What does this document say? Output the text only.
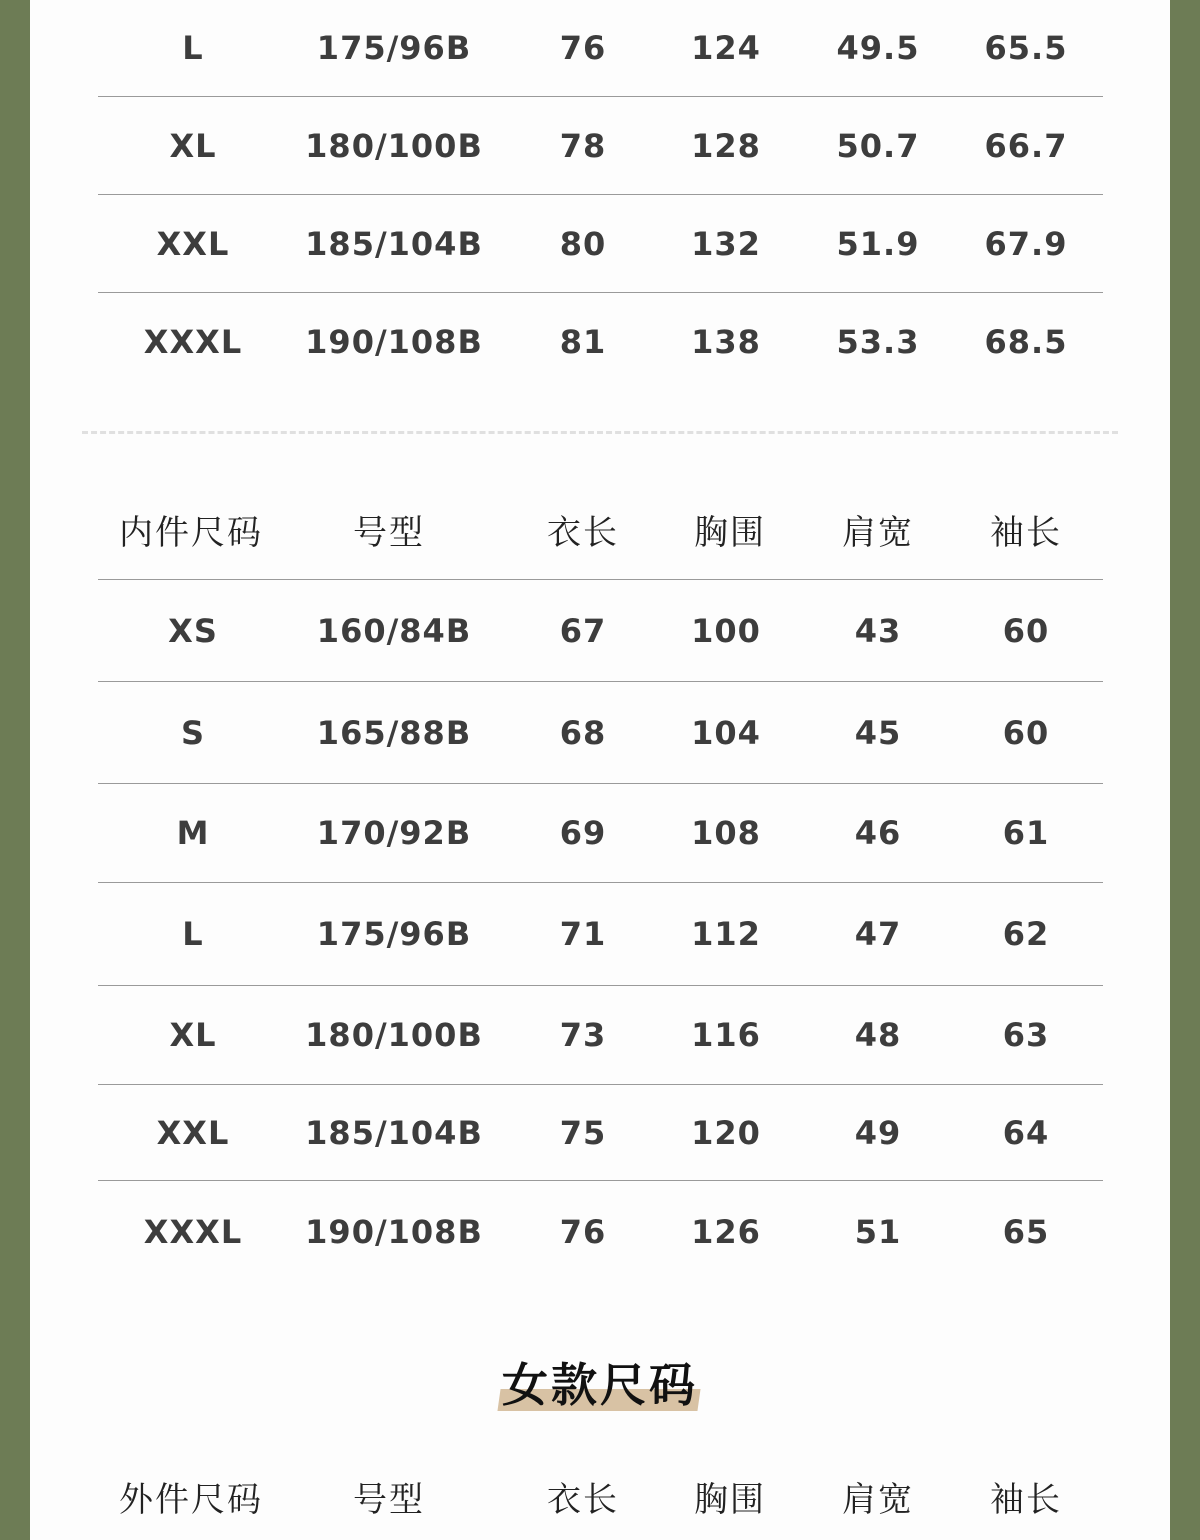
L	175/96B	76	124 49.5 65.5
XL	180/100B 78	128 50.7 66.7
XXL 185/104B 80	132 51.9 67.9
XXXL 190/108B 81	138 53.3 68.5
内件尺码	号型	衣长 胸围 肩宽 袖长
XS	160/84B	67	100	43	60
S	165/88B	68	104	45	60
M	170/92B	69	108	46	61
L	175/96B	71	112	47	62
XL	180/100B 73	116	48	63
XXL 185/104B 75	120	49	64
XXXL 190/108B 76	126	51	65
女款尺码
外件尺码	号型	衣长 胸围 肩宽 袖长
